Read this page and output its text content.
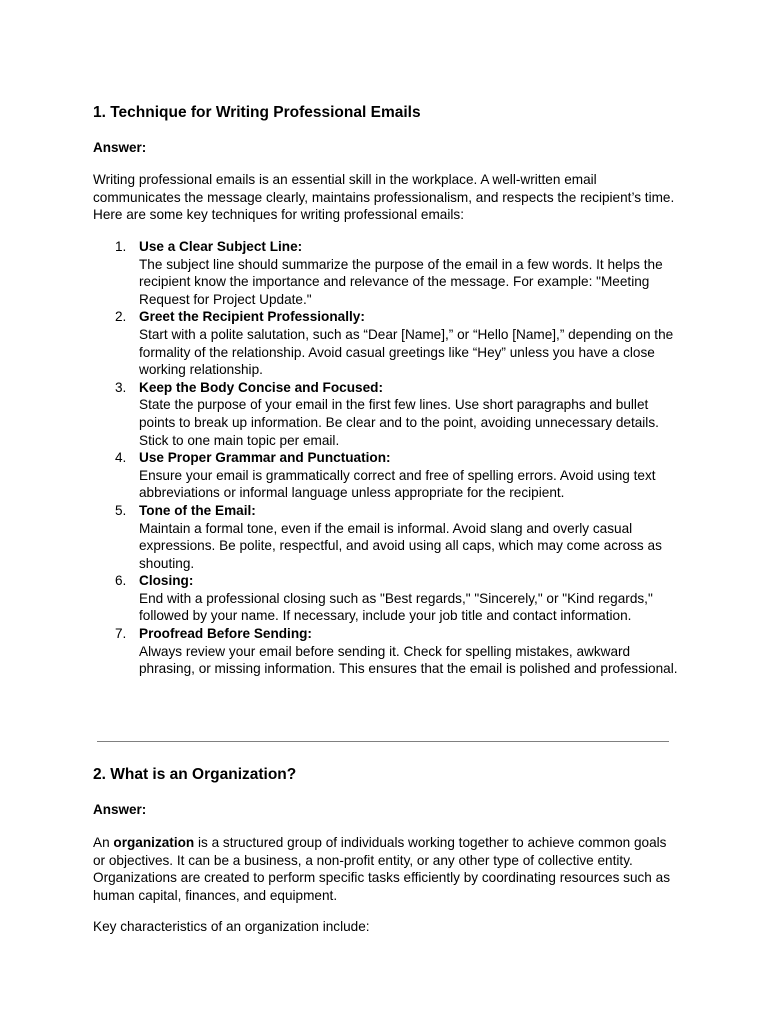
1. Technique for Writing Professional Emails

Answer:

Writing professional emails is an essential skill in the workplace. A well-written email communicates the message clearly, maintains professionalism, and respects the recipient’s time. Here are some key techniques for writing professional emails:

1. Use a Clear Subject Line:
The subject line should summarize the purpose of the email in a few words. It helps the recipient know the importance and relevance of the message. For example: "Meeting Request for Project Update."
2. Greet the Recipient Professionally:
Start with a polite salutation, such as “Dear [Name],” or “Hello [Name],” depending on the formality of the relationship. Avoid casual greetings like “Hey” unless you have a close working relationship.
3. Keep the Body Concise and Focused:
State the purpose of your email in the first few lines. Use short paragraphs and bullet points to break up information. Be clear and to the point, avoiding unnecessary details. Stick to one main topic per email.
4. Use Proper Grammar and Punctuation:
Ensure your email is grammatically correct and free of spelling errors. Avoid using text abbreviations or informal language unless appropriate for the recipient.
5. Tone of the Email:
Maintain a formal tone, even if the email is informal. Avoid slang and overly casual expressions. Be polite, respectful, and avoid using all caps, which may come across as shouting.
6. Closing:
End with a professional closing such as "Best regards," "Sincerely," or "Kind regards," followed by your name. If necessary, include your job title and contact information.
7. Proofread Before Sending:
Always review your email before sending it. Check for spelling mistakes, awkward phrasing, or missing information. This ensures that the email is polished and professional.
2. What is an Organization?

Answer:

An organization is a structured group of individuals working together to achieve common goals or objectives. It can be a business, a non-profit entity, or any other type of collective entity. Organizations are created to perform specific tasks efficiently by coordinating resources such as human capital, finances, and equipment.

Key characteristics of an organization include:
